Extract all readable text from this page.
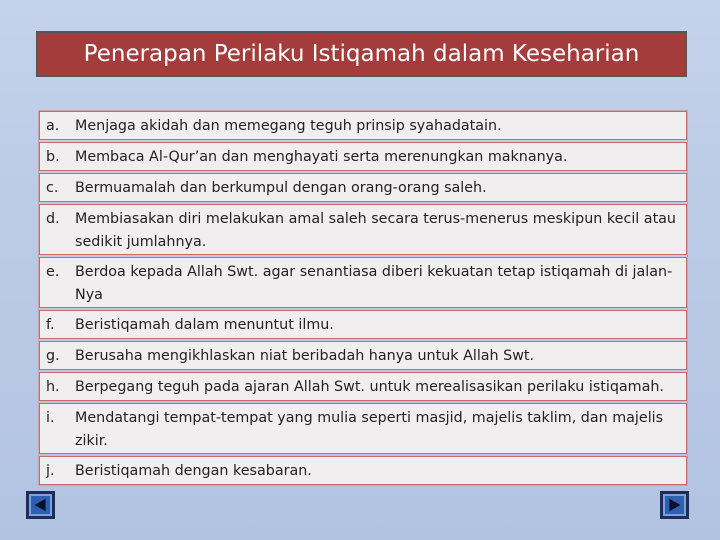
Penerapan Perilaku Istiqamah dalam Keseharian
a.	Menjaga akidah dan memegang teguh prinsip syahadatain.
b.	Membaca Al-Qur’an dan menghayati serta merenungkan maknanya.
c.	Bermuamalah dan berkumpul dengan orang-orang saleh.
d.	Membiasakan diri melakukan amal saleh secara terus-menerus meskipun kecil atau sedikit jumlahnya.
e.	Berdoa kepada Allah Swt. agar senantiasa diberi kekuatan tetap istiqamah di jalan-Nya
f.	Beristiqamah dalam menuntut ilmu.
g.	Berusaha mengikhlaskan niat beribadah hanya untuk Allah Swt.
h.	Berpegang teguh pada ajaran Allah Swt. untuk merealisasikan perilaku istiqamah.
i.	Mendatangi tempat-tempat yang mulia seperti masjid, majelis taklim, dan majelis zikir.
j.	Beristiqamah dengan kesabaran.
